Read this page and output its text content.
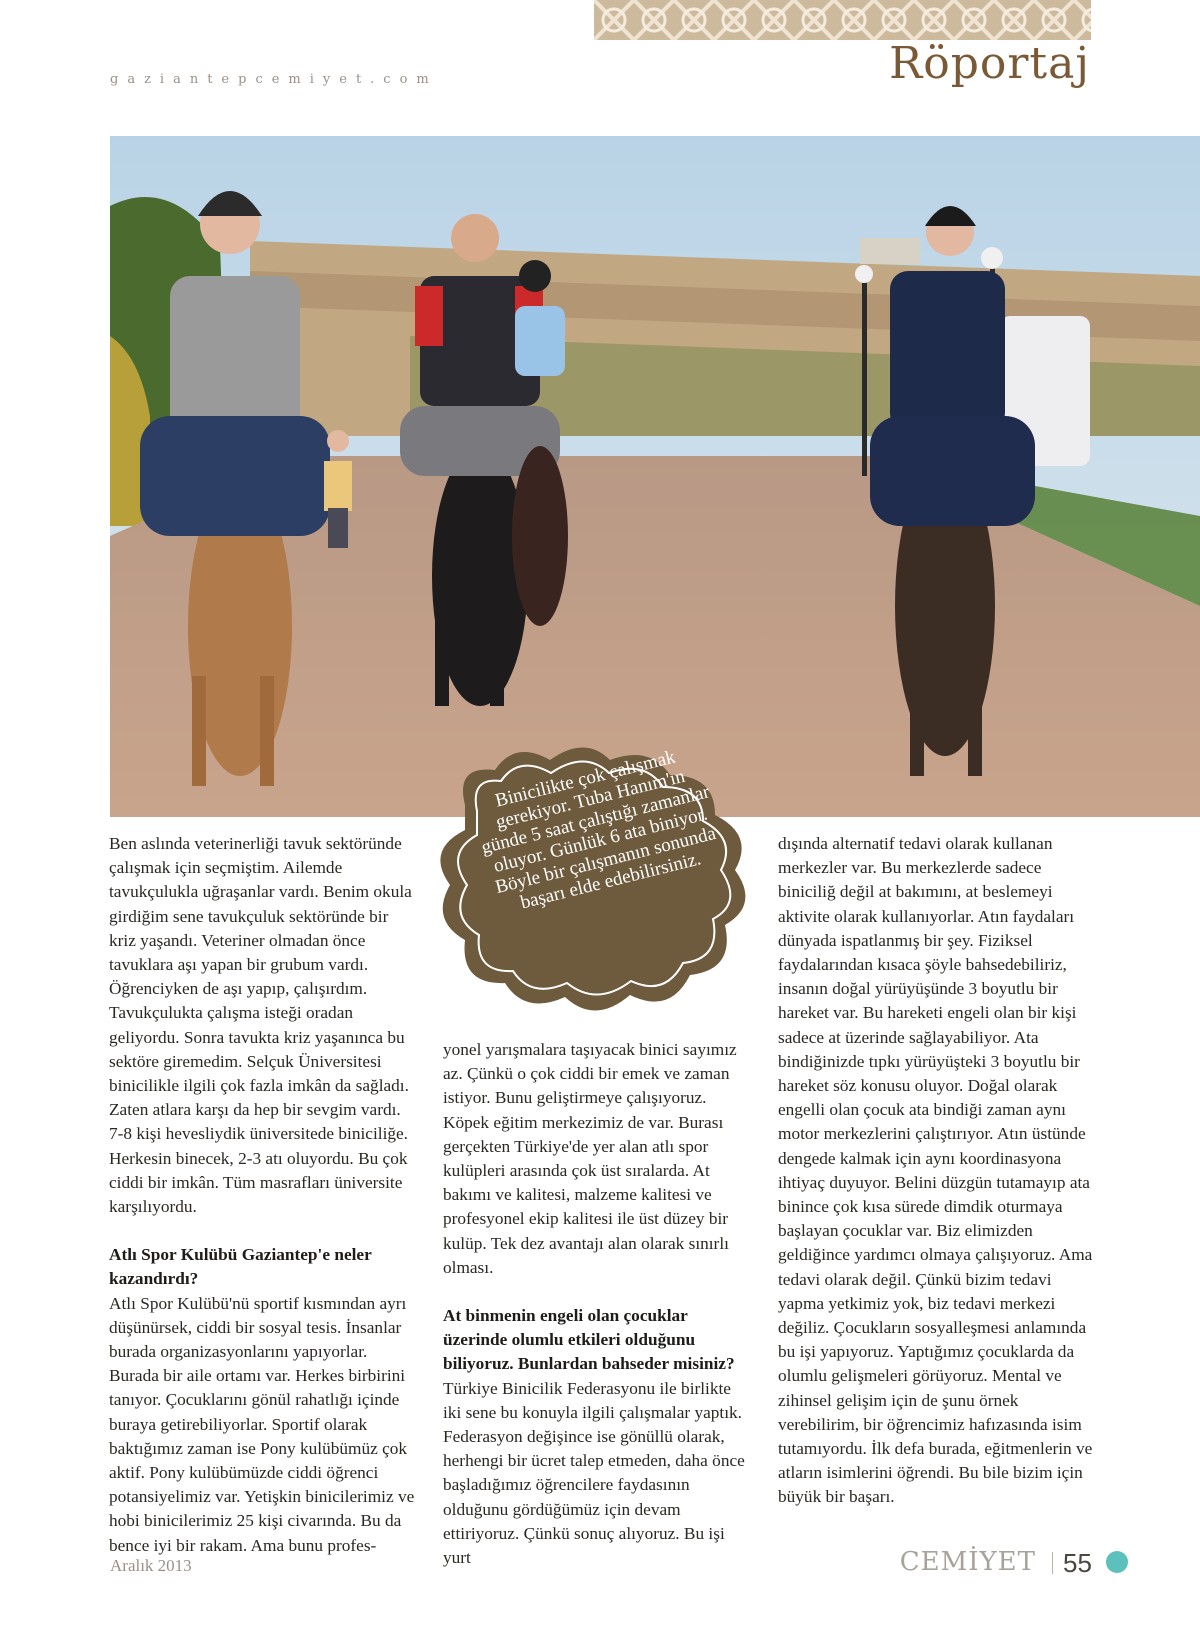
gaziantepcemiyet.com	Röportaj

Ben aslında veterinerliği tavuk sektöründe çalışmak için seçmiştim. Ailemde tavukçulukla uğraşanlar vardı. Benim okula girdiğim sene tavukçuluk sektöründe bir kriz yaşandı. Veteriner olmadan önce tavuklara aşı yapan bir grubum vardı. Öğrenciyken de aşı yapıp, çalışırdım. Tavukçulukta çalışma isteği oradan geliyordu. Sonra tavukta kriz yaşanınca bu sektöre giremedim. Selçuk Üniversitesi binicilikle ilgili çok fazla imkân da sağladı. Zaten atlara karşı da hep bir sevgim vardı. 7-8 kişi hevesliydik üniversitede biniciliğe. Herkesin binecek, 2-3 atı oluyordu. Bu çok ciddi bir imkân. Tüm masrafları üniversite karşılıyordu.

Atlı Spor Kulübü Gaziantep'e neler kazandırdı?

Atlı Spor Kulübü'nü sportif kısmından ayrı düşünürsek, ciddi bir sosyal tesis. İnsanlar burada organizasyonlarını yapıyorlar. Burada bir aile ortamı var. Herkes birbirini tanıyor. Çocuklarını gönül rahatlığı içinde buraya getirebiliyorlar. Sportif olarak baktığımız zaman ise Pony kulübümüz çok aktif. Pony kulübümüzde ciddi öğrenci potansiyelimiz var. Yetişkin binicilerimiz ve hobi binicilerimiz 25 kişi civarında. Bu da bence iyi bir rakam. Ama bunu profes-

Binicilikte çok çalışmak gerekiyor. Tuba Hanım'ın günde 5 saat çalıştığı zamanlar oluyor. Günlük 6 ata biniyor. Böyle bir çalışmanın sonunda başarı elde edebilirsiniz.

yonel yarışmalara taşıyacak binici sayımız az. Çünkü o çok ciddi bir emek ve zaman istiyor. Bunu geliştirmeye çalışıyoruz. Köpek eğitim merkezimiz de var. Burası gerçekten Türkiye'de yer alan atlı spor kulüpleri arasında çok üst sıralarda. At bakımı ve kalitesi, malzeme kalitesi ve profesyonel ekip kalitesi ile üst düzey bir kulüp. Tek dez avantajı alan olarak sınırlı olması.

At binmenin engeli olan çocuklar üzerinde olumlu etkileri olduğunu biliyoruz. Bunlardan bahseder misiniz?

Türkiye Binicilik Federasyonu ile birlikte iki sene bu konuyla ilgili çalışmalar yaptık. Federasyon değişince ise gönüllü olarak, herhengi bir ücret talep etmeden, daha önce başladığımız öğrencilere faydasının olduğunu gördüğümüz için devam ettiriyoruz. Çünkü sonuç alıyoruz. Bu işi yurt

dışında alternatif tedavi olarak kullanan merkezler var. Bu merkezlerde sadece biniciliğ değil at bakımını, at beslemeyi aktivite olarak kullanıyorlar. Atın faydaları dünyada ispatlanmış bir şey. Fiziksel faydalarından kısaca şöyle bahsedebiliriz, insanın doğal yürüyüşünde 3 boyutlu bir hareket var. Bu hareketi engeli olan bir kişi sadece at üzerinde sağlayabiliyor. Ata bindiğinizde tıpkı yürüyüşteki 3 boyutlu bir hareket söz konusu oluyor. Doğal olarak engelli olan çocuk ata bindiği zaman aynı motor merkezlerini çalıştırıyor. Atın üstünde dengede kalmak için aynı koordinasyona ihtiyaç duyuyor. Belini düzgün tutamayıp ata binince çok kısa sürede dimdik oturmaya başlayan çocuklar var. Biz elimizden geldiğince yardımcı olmaya çalışıyoruz. Ama tedavi olarak değil. Çünkü bizim tedavi yapma yetkimiz yok, biz tedavi merkezi değiliz. Çocukların sosyalleşmesi anlamında bu işi yapıyoruz. Yaptığımız çocuklarda da olumlu gelişmeleri görüyoruz. Mental ve zihinsel gelişim için de şunu örnek verebilirim, bir öğrencimiz hafızasında isim tutamıyordu. İlk defa burada, eğitmenlerin ve atların isimlerini öğrendi. Bu bile bizim için büyük bir başarı.

Aralık 2013	CEMİYET 55
